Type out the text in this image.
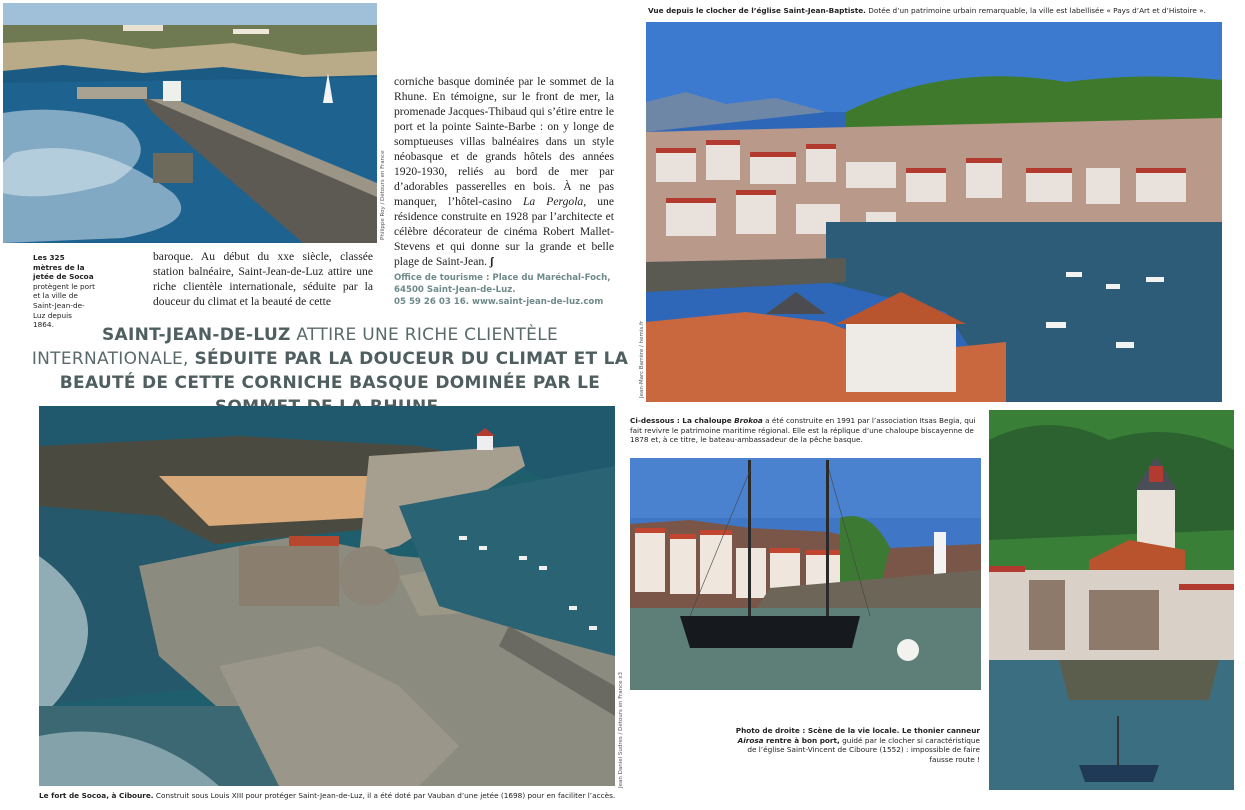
Philippe Roy / Détours en France
Les 325 mètres de la jetée de Socoa protègent le port et la ville de Saint-Jean-de-Luz depuis 1864.
baroque. Au début du xxe siècle, classée station balnéaire, Saint-Jean-de-Luz attire une riche clientèle internationale, séduite par la douceur du climat et la beauté de cette
corniche basque dominée par le sommet de la Rhune. En témoigne, sur le front de mer, la promenade Jacques-Thibaud qui s’étire entre le port et la pointe Sainte-Barbe : on y longe de somptueuses villas balnéaires dans un style néobasque et de grands hôtels des années 1920-1930, reliés au bord de mer par d’adorables passerelles en bois. À ne pas manquer, l’hôtel-casino La Pergola, une résidence construite en 1928 par l’architecte et célèbre décorateur de cinéma Robert Mallet-Stevens et qui donne sur la grande et belle plage de Saint-Jean. ʃ
Office de tourisme : Place du Maréchal-Foch,
64500 Saint-Jean-de-Luz.
05 59 26 03 16. www.saint-jean-de-luz.com
SAINT-JEAN-DE-LUZ ATTIRE UNE RICHE CLIENTÈLE INTERNATIONALE, SÉDUITE PAR LA DOUCEUR DU CLIMAT ET LA BEAUTÉ DE CETTE CORNICHE BASQUE DOMINÉE PAR LE
Vue depuis le clocher de l’église Saint-Jean-Baptiste. Dotée d’un patrimoine urbain remarquable, la ville est labellisée « Pays d’Art et d’Histoire ».
Jean-Marc Barrère / hemis.fr
Jean Daniel Sudres / Détours en France x3
Le fort de Socoa, à Ciboure. Construit sous Louis XIII pour protéger Saint-Jean-de-Luz, il a été doté par Vauban d’une jetée (1698) pour en faciliter l’accès.
Ci-dessous : La chaloupe Brokoa a été construite en 1991 par l’association Itsas Begia, qui fait revivre le patrimoine maritime régional. Elle est la réplique d’une chaloupe biscayenne de 1878 et, à ce titre, le bateau-ambassadeur de la pêche basque.
Photo de droite : Scène de la vie locale. Le thonier canneur Airosa rentre à bon port, guidé par le clocher si caractéristique de l’église Saint-Vincent de Ciboure (1552) : impossible de faire fausse route !
